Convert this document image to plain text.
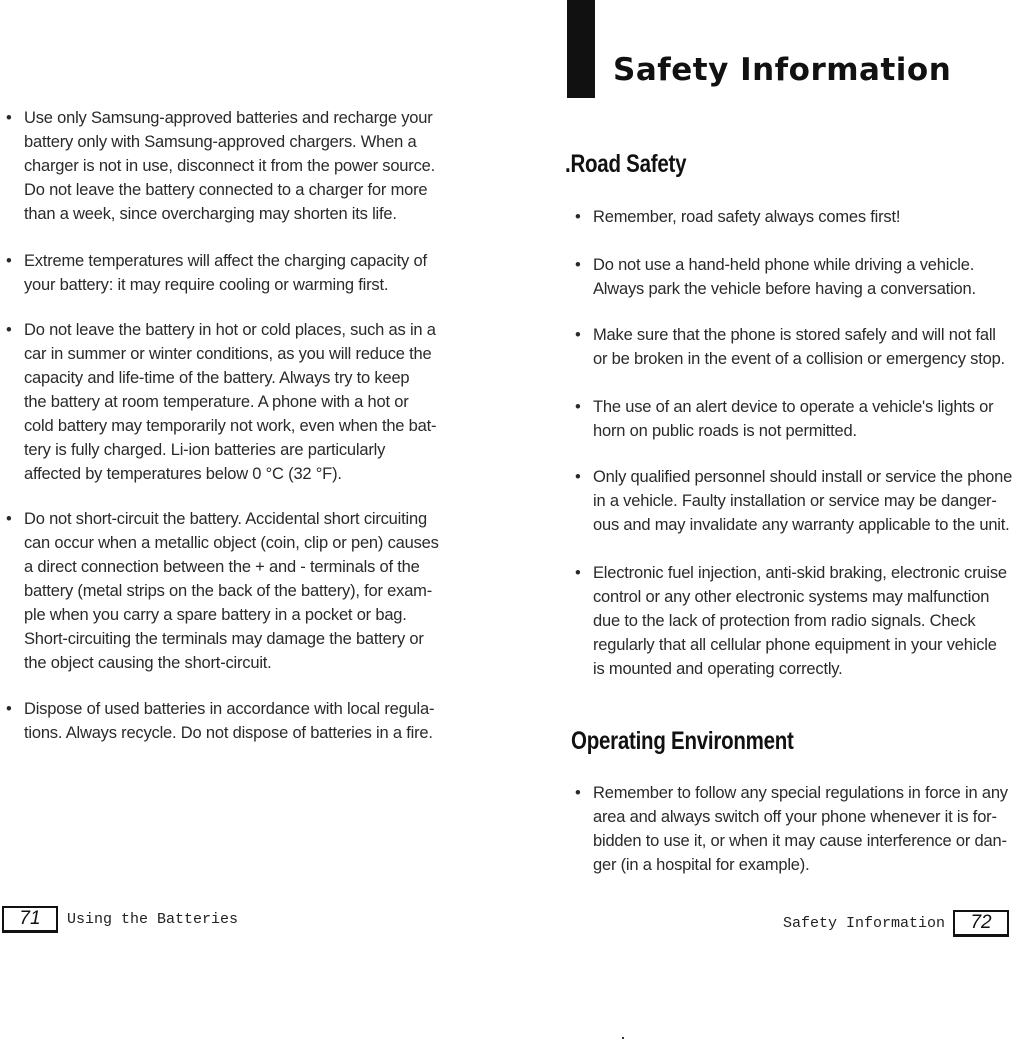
• Use only Samsung-approved batteries and recharge your
battery only with Samsung-approved chargers. When a
charger is not in use, disconnect it from the power source.
Do not leave the battery connected to a charger for more
than a week, since overcharging may shorten its life.
• Extreme temperatures will affect the charging capacity of
your battery: it may require cooling or warming first.
• Do not leave the battery in hot or cold places, such as in a
car in summer or winter conditions, as you will reduce the
capacity and life-time of the battery. Always try to keep
the battery at room temperature. A phone with a hot or
cold battery may temporarily not work, even when the bat-
tery is fully charged. Li-ion batteries are particularly
affected by temperatures below 0 °C (32 °F).
• Do not short-circuit the battery. Accidental short circuiting
can occur when a metallic object (coin, clip or pen) causes
a direct connection between the + and - terminals of the
battery (metal strips on the back of the battery), for exam-
ple when you carry a spare battery in a pocket or bag.
Short-circuiting the terminals may damage the battery or
the object causing the short-circuit.
• Dispose of used batteries in accordance with local regula-
tions. Always recycle. Do not dispose of batteries in a fire.
71	Using the Batteries
Safety Information
.Road Safety
• Remember, road safety always comes first!
• Do not use a hand-held phone while driving a vehicle.
Always park the vehicle before having a conversation.
• Make sure that the phone is stored safely and will not fall
or be broken in the event of a collision or emergency stop.
• The use of an alert device to operate a vehicle's lights or
horn on public roads is not permitted.
• Only qualified personnel should install or service the phone
in a vehicle. Faulty installation or service may be danger-
ous and may invalidate any warranty applicable to the unit.
• Electronic fuel injection, anti-skid braking, electronic cruise
control or any other electronic systems may malfunction
due to the lack of protection from radio signals. Check
regularly that all cellular phone equipment in your vehicle
is mounted and operating correctly.
Operating Environment
• Remember to follow any special regulations in force in any
area and always switch off your phone whenever it is for-
bidden to use it, or when it may cause interference or dan-
ger (in a hospital for example).
Safety Information	72
